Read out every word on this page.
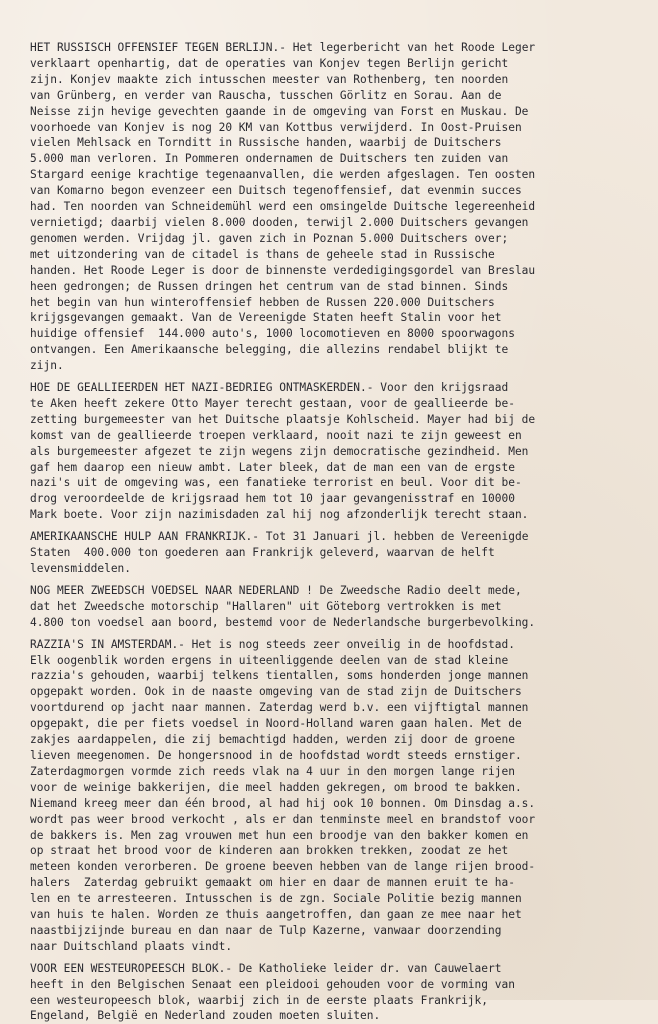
HET RUSSISCH OFFENSIEF TEGEN BERLIJN.- Het legerbericht van het Roode Leger
verklaart openhartig, dat de operaties van Konjev tegen Berlijn gericht
zijn. Konjev maakte zich intusschen meester van Rothenberg, ten noorden
van Grünberg, en verder van Rauscha, tusschen Görlitz en Sorau. Aan de
Neisse zijn hevige gevechten gaande in de omgeving van Forst en Muskau. De
voorhoede van Konjev is nog 20 KM van Kottbus verwijderd. In Oost-Pruisen
vielen Mehlsack en Tornditt in Russische handen, waarbij de Duitschers
5.000 man verloren. In Pommeren ondernamen de Duitschers ten zuiden van
Stargard eenige krachtige tegenaanvallen, die werden afgeslagen. Ten oosten
van Komarno begon evenzeer een Duitsch tegenoffensief, dat evenmin succes
had. Ten noorden van Schneidemühl werd een omsingelde Duitsche legereenheid
vernietigd; daarbij vielen 8.000 dooden, terwijl 2.000 Duitschers gevangen
genomen werden. Vrijdag jl. gaven zich in Poznan 5.000 Duitschers over;
met uitzondering van de citadel is thans de geheele stad in Russische
handen. Het Roode Leger is door de binnenste verdedigingsgordel van Breslau
heen gedrongen; de Russen dringen het centrum van de stad binnen. Sinds
het begin van hun winteroffensief hebben de Russen 220.000 Duitschers
krijgsgevangen gemaakt. Van de Vereenigde Staten heeft Stalin voor het
huidige offensief  144.000 auto's, 1000 locomotieven en 8000 spoorwagons
ontvangen. Een Amerikaansche belegging, die allezins rendabel blijkt te
zijn.

HOE DE GEALLIEERDEN HET NAZI-BEDRIEG ONTMASKERDEN.- Voor den krijgsraad
te Aken heeft zekere Otto Mayer terecht gestaan, voor de geallieerde be-
zetting burgemeester van het Duitsche plaatsje Kohlscheid. Mayer had bij de
komst van de geallieerde troepen verklaard, nooit nazi te zijn geweest en
als burgemeester afgezet te zijn wegens zijn democratische gezindheid. Men
gaf hem daarop een nieuw ambt. Later bleek, dat de man een van de ergste
nazi's uit de omgeving was, een fanatieke terrorist en beul. Voor dit be-
drog veroordeelde de krijgsraad hem tot 10 jaar gevangenisstraf en 10000
Mark boete. Voor zijn nazimisdaden zal hij nog afzonderlijk terecht staan.

AMERIKAANSCHE HULP AAN FRANKRIJK.- Tot 31 Januari jl. hebben de Vereenigde
Staten  400.000 ton goederen aan Frankrijk geleverd, waarvan de helft
levensmiddelen.

NOG MEER ZWEEDSCH VOEDSEL NAAR NEDERLAND ! De Zweedsche Radio deelt mede,
dat het Zweedsche motorschip "Hallaren" uit Göteborg vertrokken is met
4.800 ton voedsel aan boord, bestemd voor de Nederlandsche burgerbevolking.

RAZZIA'S IN AMSTERDAM.- Het is nog steeds zeer onveilig in de hoofdstad.
Elk oogenblik worden ergens in uiteenliggende deelen van de stad kleine
razzia's gehouden, waarbij telkens tientallen, soms honderden jonge mannen
opgepakt worden. Ook in de naaste omgeving van de stad zijn de Duitschers
voortdurend op jacht naar mannen. Zaterdag werd b.v. een vijftigtal mannen
opgepakt, die per fiets voedsel in Noord-Holland waren gaan halen. Met de
zakjes aardappelen, die zij bemachtigd hadden, werden zij door de groene
lieven meegenomen. De hongersnood in de hoofdstad wordt steeds ernstiger.
Zaterdagmorgen vormde zich reeds vlak na 4 uur in den morgen lange rijen
voor de weinige bakkerijen, die meel hadden gekregen, om brood te bakken.
Niemand kreeg meer dan één brood, al had hij ook 10 bonnen. Om Dinsdag a.s.
wordt pas weer brood verkocht , als er dan tenminste meel en brandstof voor
de bakkers is. Men zag vrouwen met hun een broodje van den bakker komen en
op straat het brood voor de kinderen aan brokken trekken, zoodat ze het
meteen konden verorberen. De groene beeven hebben van de lange rijen brood-
halers  Zaterdag gebruikt gemaakt om hier en daar de mannen eruit te ha-
len en te arresteeren. Intusschen is de zgn. Sociale Politie bezig mannen
van huis te halen. Worden ze thuis aangetroffen, dan gaan ze mee naar het
naastbijzijnde bureau en dan naar de Tulp Kazerne, vanwaar doorzending
naar Duitschland plaats vindt.

VOOR EEN WESTEUROPEESCH BLOK.- De Katholieke leider dr. van Cauwelaert
heeft in den Belgischen Senaat een pleidooi gehouden voor de vorming van
een westeuropeesch blok, waarbij zich in de eerste plaats Frankrijk,
Engeland, België en Nederland zouden moeten sluiten.
